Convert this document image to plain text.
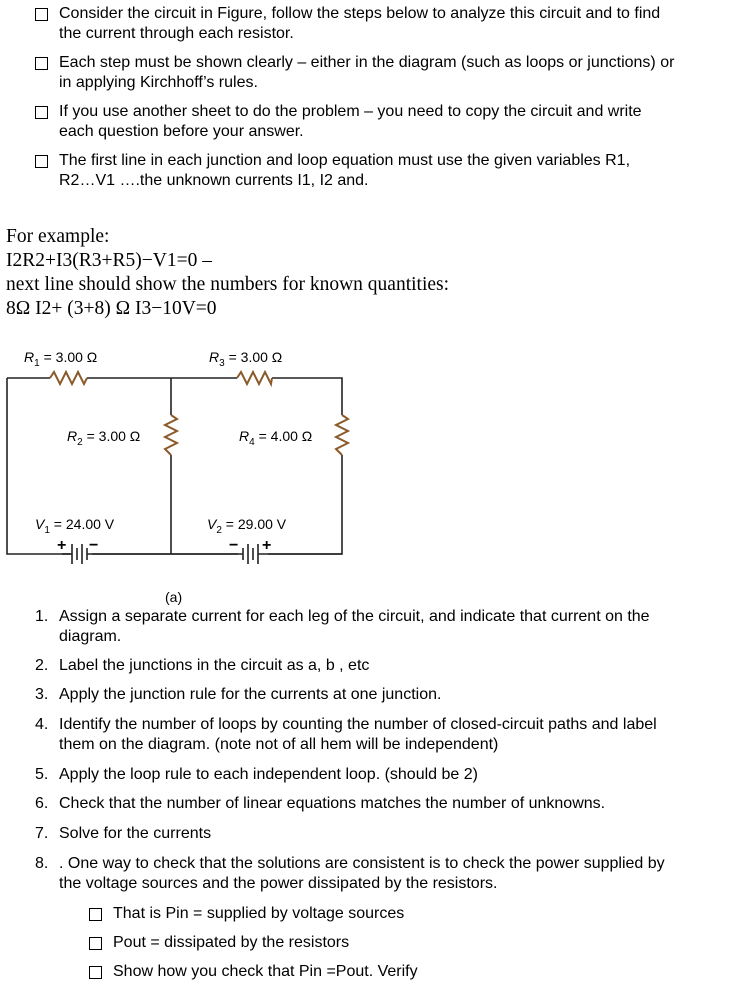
Consider the circuit in Figure, follow the steps below to analyze this circuit and to find
the current through each resistor.
Each step must be shown clearly – either in the diagram (such as loops or junctions) or
in applying Kirchhoff’s rules.
If you use another sheet to do the problem – you need to copy the circuit and write
each question before your answer.
The first line in each junction and loop equation must use the given variables R1,
R2…V1 ….the unknown currents I1, I2 and.
For example:
I2R2+I3(R3+R5)−V1=0 –
next line should show the numbers for known quantities:
8Ω I2+ (3+8) Ω I3−10V=0
+ −	− +
$R_1 = 3.00$ Ω	$R_3 = 3.00$ Ω
$R_2 = 3.00$ Ω	$R_4 = 4.00$ Ω
$V_1 = 24.00$ V	$V_2 = 29.00$ V
(a)
1. Assign a separate current for each leg of the circuit, and indicate that current on the
diagram.
2. Label the junctions in the circuit as a, b , etc
3. Apply the junction rule for the currents at one junction.
4. Identify the number of loops by counting the number of closed-circuit paths and label
them on the diagram. (note not of all hem will be independent)
5. Apply the loop rule to each independent loop. (should be 2)
6. Check that the number of linear equations matches the number of unknowns.
7. Solve for the currents
8. . One way to check that the solutions are consistent is to check the power supplied by
the voltage sources and the power dissipated by the resistors.
That is Pin = supplied by voltage sources
Pout = dissipated by the resistors
Show how you check that Pin =Pout. Verify
